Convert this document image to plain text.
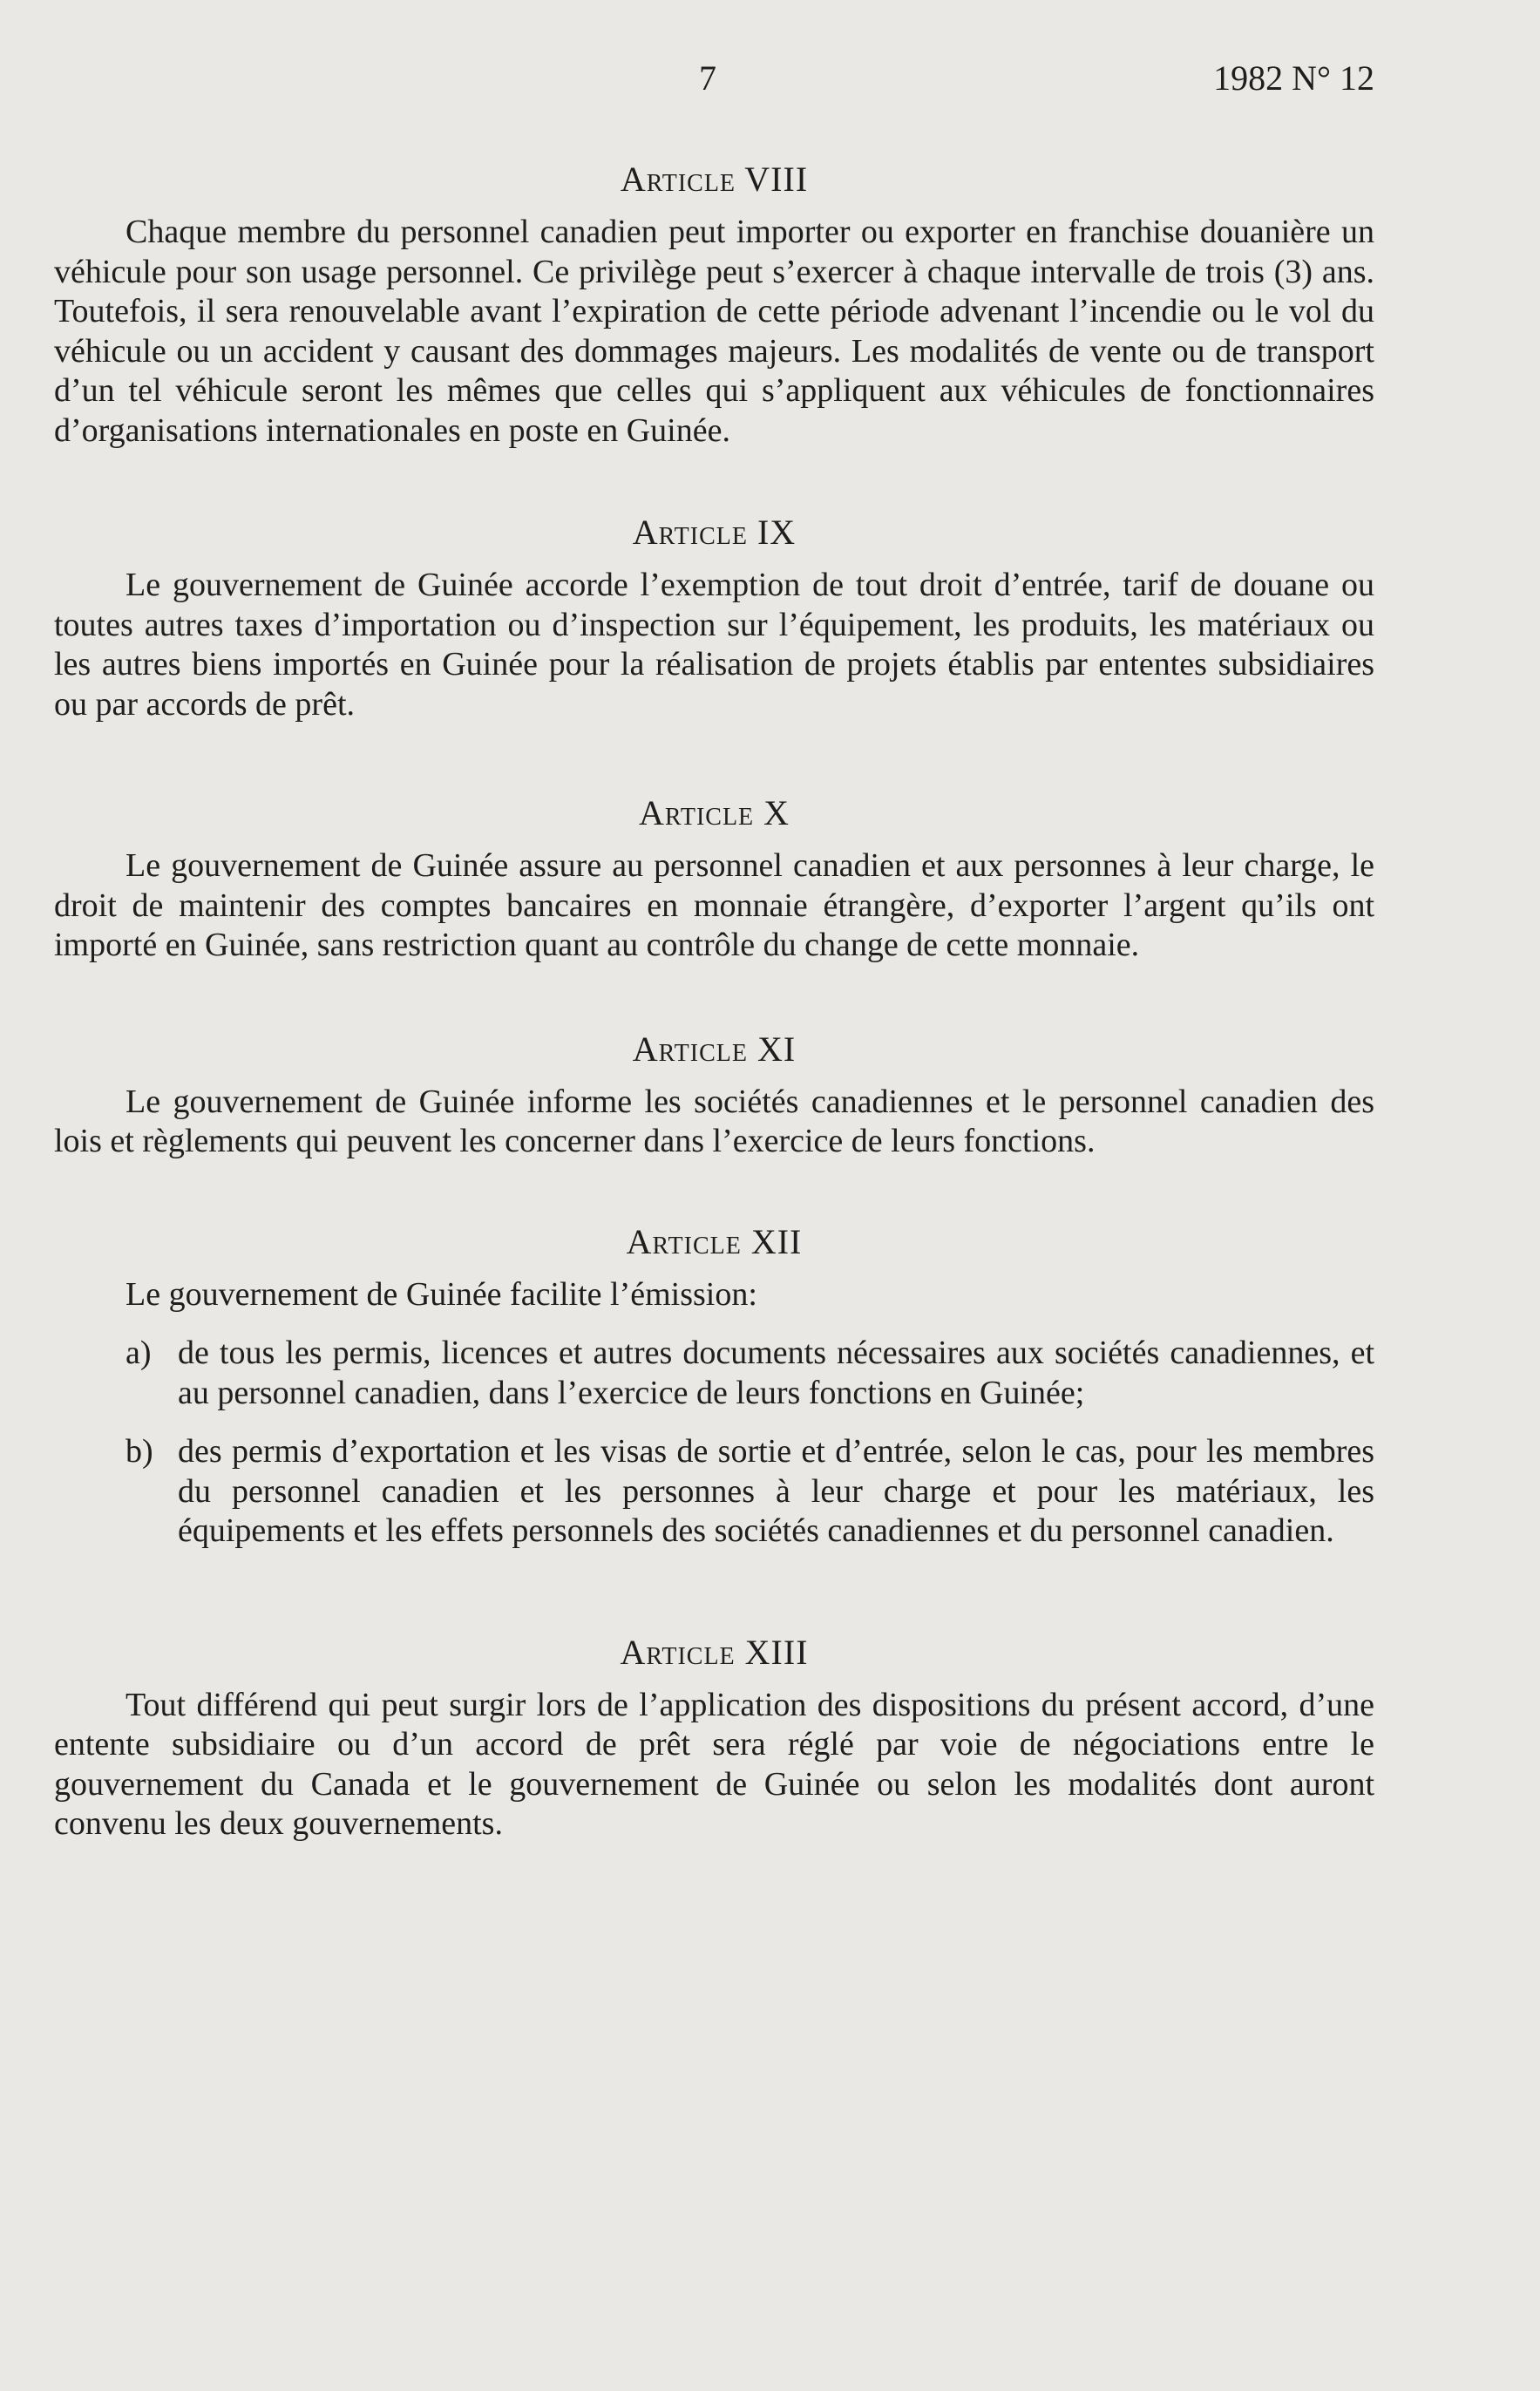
7	1982 N° 12
Article VIII

Chaque membre du personnel canadien peut importer ou exporter en franchise douanière un véhicule pour son usage personnel. Ce privilège peut s’exercer à chaque intervalle de trois (3) ans. Toutefois, il sera renouvelable avant l’expiration de cette période advenant l’incendie ou le vol du véhicule ou un accident y causant des dommages majeurs. Les modalités de vente ou de transport d’un tel véhicule seront les mêmes que celles qui s’appliquent aux véhicules de fonctionnaires d’organisations internationales en poste en Guinée.

Article IX

Le gouvernement de Guinée accorde l’exemption de tout droit d’entrée, tarif de douane ou toutes autres taxes d’importation ou d’inspection sur l’équipement, les produits, les matériaux ou les autres biens importés en Guinée pour la réalisation de projets établis par ententes subsidiaires ou par accords de prêt.

Article X

Le gouvernement de Guinée assure au personnel canadien et aux personnes à leur charge, le droit de maintenir des comptes bancaires en monnaie étrangère, d’exporter l’argent qu’ils ont importé en Guinée, sans restriction quant au contrôle du change de cette monnaie.

Article XI

Le gouvernement de Guinée informe les sociétés canadiennes et le personnel canadien des lois et règlements qui peuvent les concerner dans l’exercice de leurs fonctions.

Article XII

Le gouvernement de Guinée facilite l’émission:

a) de tous les permis, licences et autres documents nécessaires aux sociétés canadiennes, et au personnel canadien, dans l’exercice de leurs fonctions en Guinée;
b) des permis d’exportation et les visas de sortie et d’entrée, selon le cas, pour les membres du personnel canadien et les personnes à leur charge et pour les matériaux, les équipements et les effets personnels des sociétés canadiennes et du personnel canadien.
Article XIII

Tout différend qui peut surgir lors de l’application des dispositions du présent accord, d’une entente subsidiaire ou d’un accord de prêt sera réglé par voie de négociations entre le gouvernement du Canada et le gouvernement de Guinée ou selon les modalités dont auront convenu les deux gouvernements.
